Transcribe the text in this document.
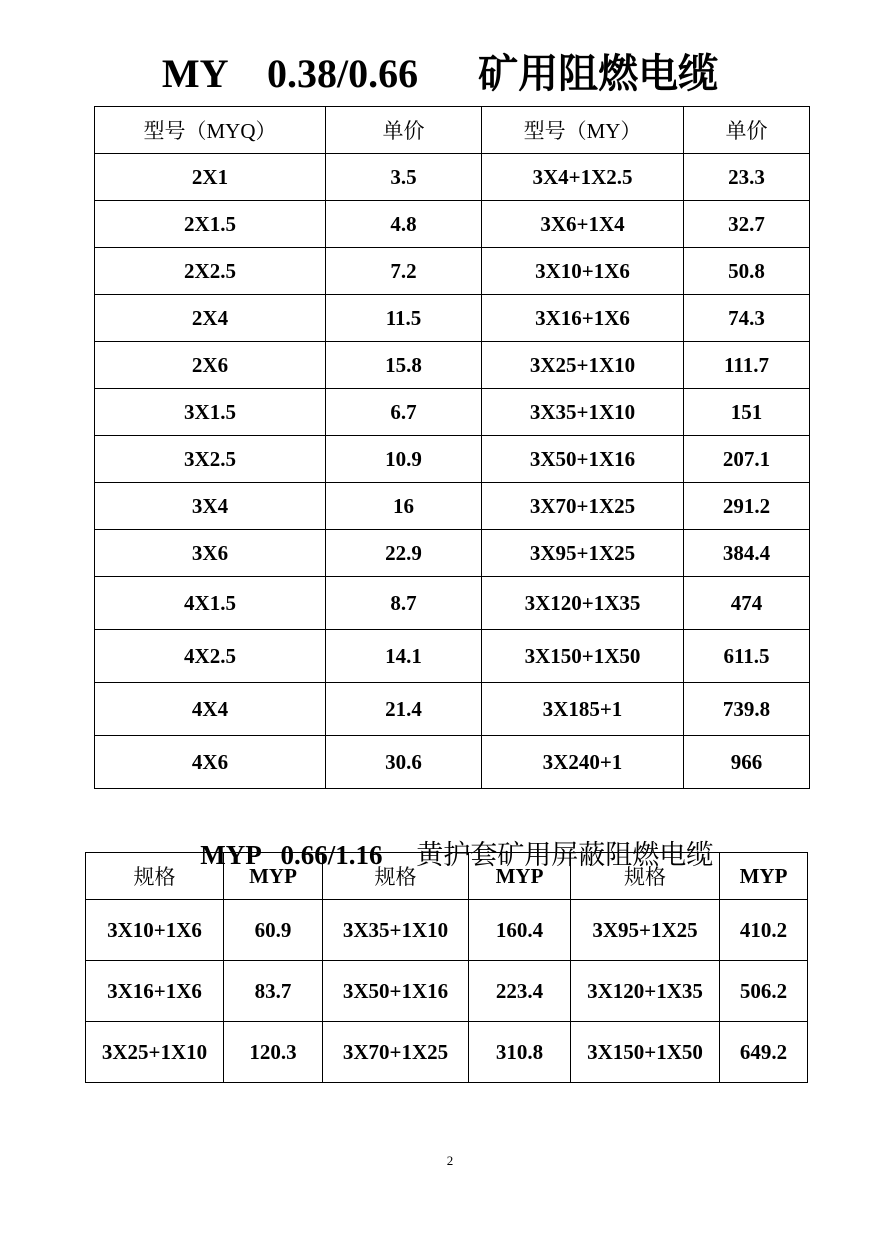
MY    0.38/0.66      矿用阻燃电缆
型号（MYQ）	单价	型号（MY）	单价
2X1	3.5	3X4+1X2.5	23.3
2X1.5	4.8	3X6+1X4	32.7
2X2.5	7.2	3X10+1X6	50.8
2X4	11.5	3X16+1X6	74.3
2X6	15.8	3X25+1X10	111.7
3X1.5	6.7	3X35+1X10	151
3X2.5	10.9	3X50+1X16	207.1
3X4	16	3X70+1X25	291.2
3X6	22.9	3X95+1X25	384.4
4X1.5	8.7	3X120+1X35	474
4X2.5	14.1	3X150+1X50	611.5
4X4	21.4	3X185+1	739.8
4X6	30.6	3X240+1	966

MYP   0.66/1.16     黄护套矿用屏蔽阻燃电缆

规格	MYP	规格	MYP	规格	MYP
3X10+1X6	60.9	3X35+1X10	160.4	3X95+1X25	410.2
3X16+1X6	83.7	3X50+1X16	223.4	3X120+1X35	506.2
3X25+1X10	120.3	3X70+1X25	310.8	3X150+1X50	649.2
2
